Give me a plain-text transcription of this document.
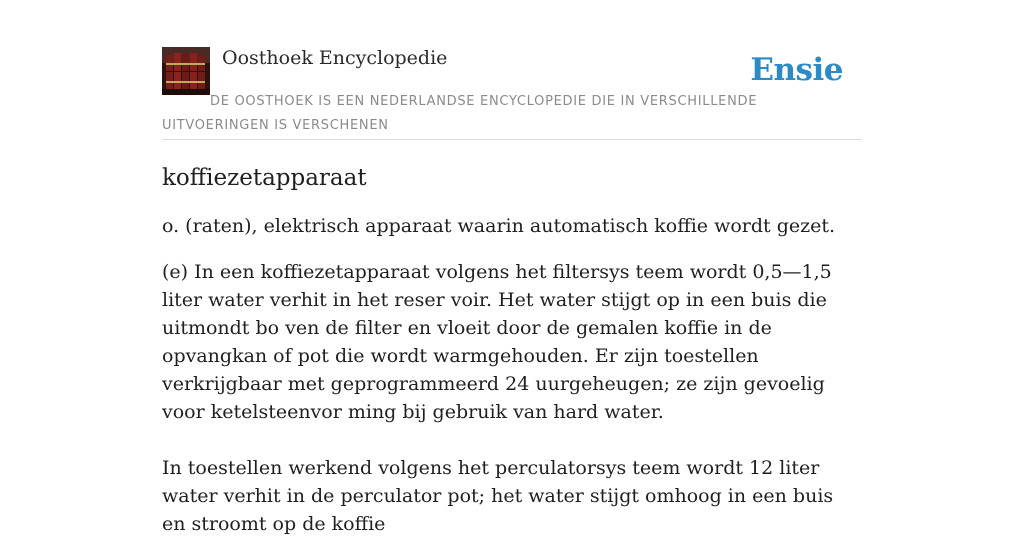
Oosthoek Encyclopedie	Ensie
DE OOSTHOEK IS EEN NEDERLANDSE ENCYCLOPEDIE DIE IN VERSCHILLENDE UITVOERINGEN IS VERSCHENEN
koffiezetapparaat

o. (raten), elektrisch apparaat waarin automatisch koffie wordt gezet.

(e) In een koffiezetapparaat volgens het filtersys teem wordt 0,5—1,5 liter water verhit in het reser voir. Het water stijgt op in een buis die uitmondt bo ven de filter en vloeit door de gemalen koffie in de opvangkan of pot die wordt warmgehouden. Er zijn toestellen verkrijgbaar met geprogrammeerd 24 uurgeheugen; ze zijn gevoelig voor ketelsteenvor ming bij gebruik van hard water.

In toestellen werkend volgens het perculatorsys teem wordt 12 liter water verhit in de perculator pot; het water stijgt omhoog in een buis en stroomt op de koffie
